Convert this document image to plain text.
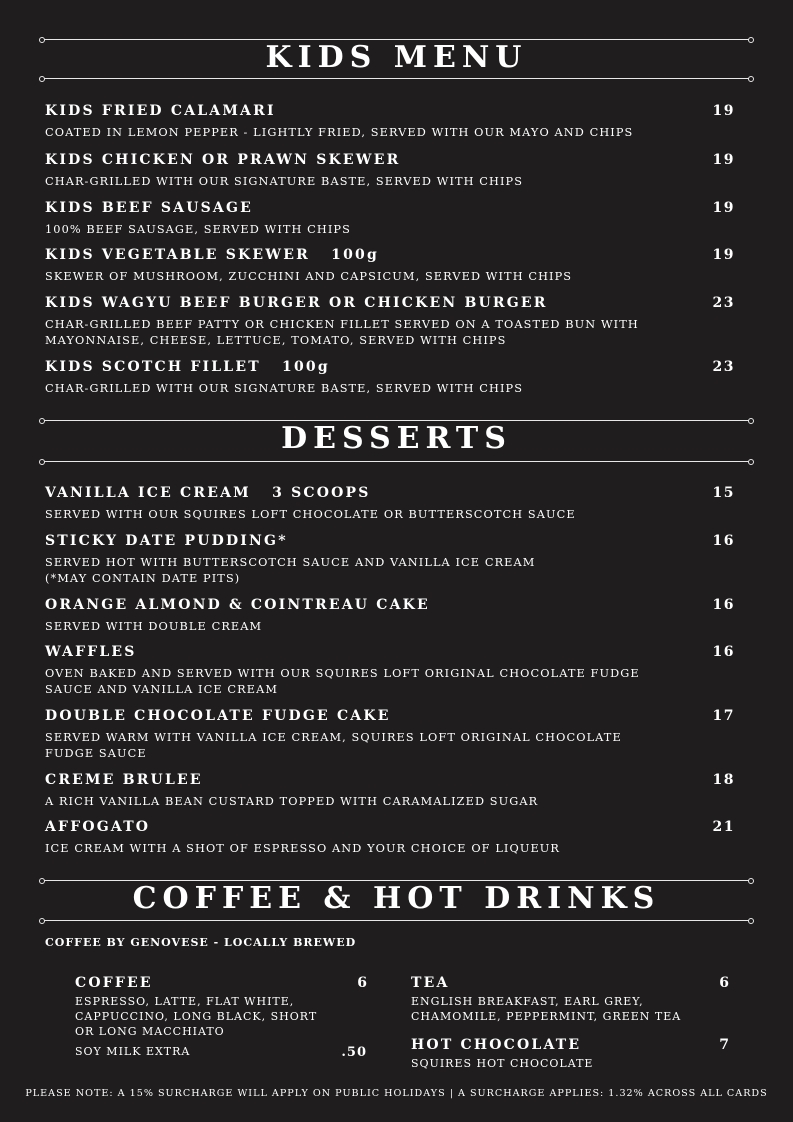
KIDS MENU
KIDS FRIED CALAMARI	19
COATED IN LEMON PEPPER - LIGHTLY FRIED, SERVED WITH OUR MAYO AND CHIPS
KIDS CHICKEN OR PRAWN SKEWER	19
CHAR-GRILLED WITH OUR SIGNATURE BASTE, SERVED WITH CHIPS
KIDS BEEF SAUSAGE	19
100% BEEF SAUSAGE, SERVED WITH CHIPS
KIDS VEGETABLE SKEWER   100g	19
SKEWER OF MUSHROOM, ZUCCHINI AND CAPSICUM, SERVED WITH CHIPS
KIDS WAGYU BEEF BURGER OR CHICKEN BURGER	23
CHAR-GRILLED BEEF PATTY OR CHICKEN FILLET SERVED ON A TOASTED BUN WITH MAYONNAISE, CHEESE, LETTUCE, TOMATO, SERVED WITH CHIPS
KIDS SCOTCH FILLET   100g	23
CHAR-GRILLED WITH OUR SIGNATURE BASTE, SERVED WITH CHIPS
DESSERTS
VANILLA ICE CREAM   3 SCOOPS	15
SERVED WITH OUR SQUIRES LOFT CHOCOLATE OR BUTTERSCOTCH SAUCE
STICKY DATE PUDDING*	16
SERVED HOT WITH BUTTERSCOTCH SAUCE AND VANILLA ICE CREAM
(*MAY CONTAIN DATE PITS)
ORANGE ALMOND & COINTREAU CAKE	16
SERVED WITH DOUBLE CREAM
WAFFLES	16
OVEN BAKED AND SERVED WITH OUR SQUIRES LOFT ORIGINAL CHOCOLATE FUDGE SAUCE AND VANILLA ICE CREAM
DOUBLE CHOCOLATE FUDGE CAKE	17
SERVED WARM WITH VANILLA ICE CREAM, SQUIRES LOFT ORIGINAL CHOCOLATE FUDGE SAUCE
CREME BRULEE	18
A RICH VANILLA BEAN CUSTARD TOPPED WITH CARAMALIZED SUGAR
AFFOGATO	21
ICE CREAM WITH A SHOT OF ESPRESSO AND YOUR CHOICE OF LIQUEUR
COFFEE & HOT DRINKS
COFFEE BY GENOVESE - LOCALLY BREWED
COFFEE	6
ESPRESSO, LATTE, FLAT WHITE, CAPPUCCINO, LONG BLACK, SHORT OR LONG MACCHIATO
SOY MILK EXTRA	.50
TEA	6
ENGLISH BREAKFAST, EARL GREY, CHAMOMILE, PEPPERMINT, GREEN TEA
HOT CHOCOLATE	7
SQUIRES HOT CHOCOLATE
PLEASE NOTE: A 15% SURCHARGE WILL APPLY ON PUBLIC HOLIDAYS | A SURCHARGE APPLIES: 1.32% ACROSS ALL CARDS
